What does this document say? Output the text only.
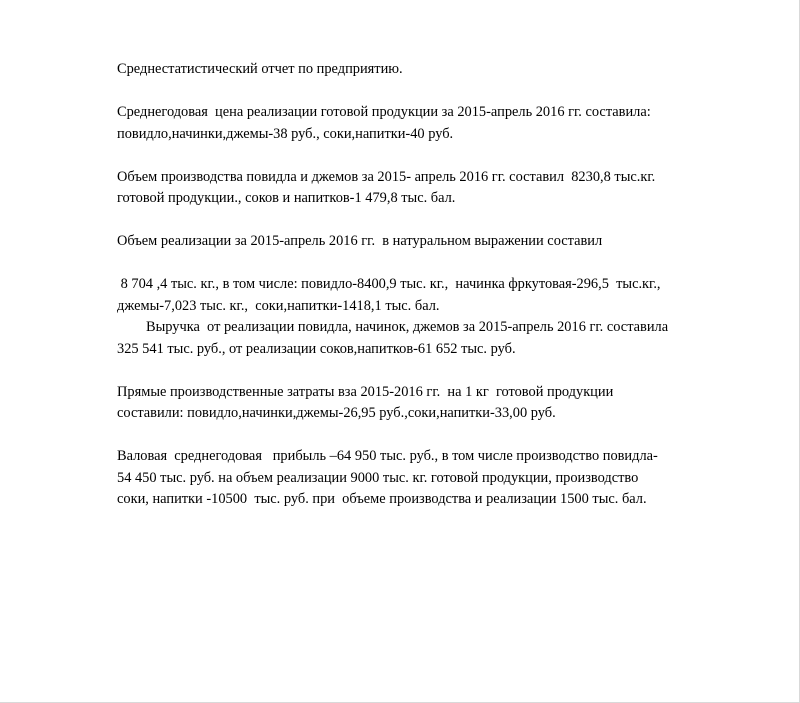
Среднестатистический отчет по предприятию.

Среднегодовая  цена реализации готовой продукции за 2015-апрель 2016 гг. составила:
повидло,начинки,джемы-38 руб., соки,напитки-40 руб.

Объем производства повидла и джемов за 2015- апрель 2016 гг. составил  8230,8 тыс.кг.
готовой продукции., соков и напитков-1 479,8 тыс. бал.

Объем реализации за 2015-апрель 2016 гг.  в натуральном выражении составил

8 704 ,4 тыс. кг., в том числе: повидло-8400,9 тыс. кг.,  начинка фркутовая-296,5  тыс.кг.,
джемы-7,023 тыс. кг.,  соки,напитки-1418,1 тыс. бал.

Выручка  от реализации повидла, начинок, джемов за 2015-апрель 2016 гг. составила
325 541 тыс. руб., от реализации соков,напитков-61 652 тыс. руб.

Прямые производственные затраты вза 2015-2016 гг.  на 1 кг  готовой продукции
составили: повидло,начинки,джемы-26,95 руб.,соки,напитки-33,00 руб.

Валовая  среднегодовая   прибыль –64 950 тыс. руб., в том числе производство повидла-
54 450 тыс. руб. на объем реализации 9000 тыс. кг. готовой продукции, производство
соки, напитки -10500  тыс. руб. при  объеме производства и реализации 1500 тыс. бал.
